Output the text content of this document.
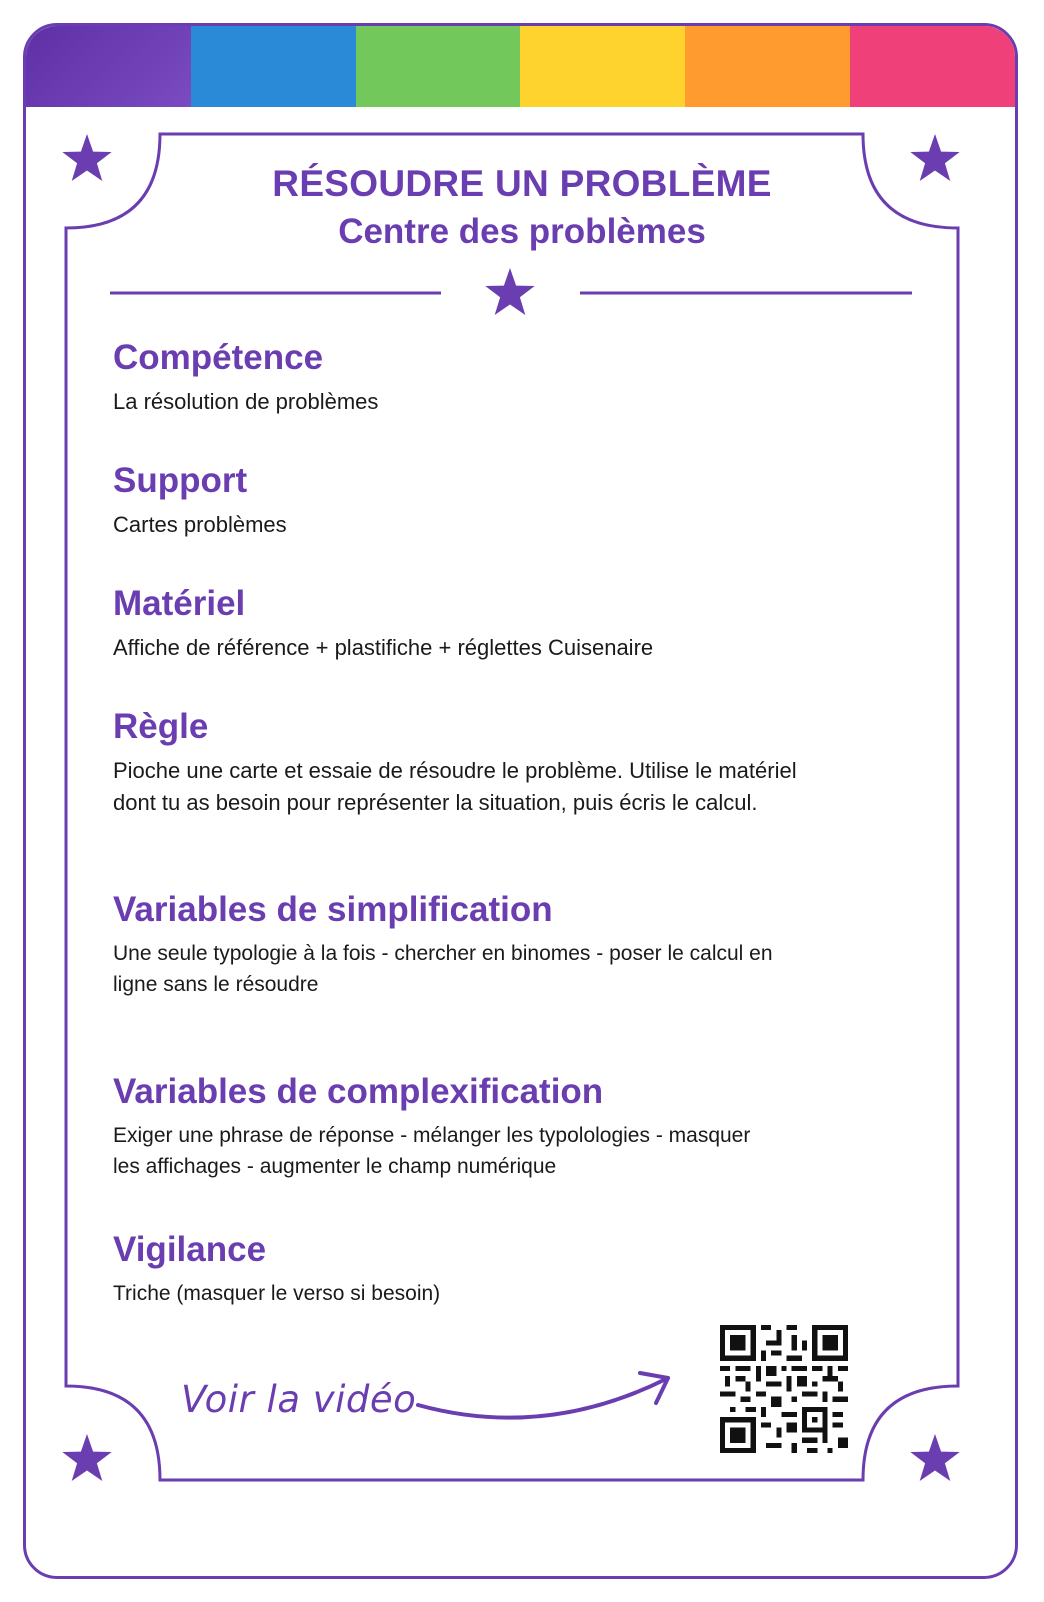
RÉSOUDRE UN PROBLÈME
Centre des problèmes
Compétence

La résolution de problèmes

Support

Cartes problèmes

Matériel

Affiche de référence + plastifiche + réglettes Cuisenaire

Règle

Pioche une carte et essaie de résoudre le problème. Utilise le matériel dont tu as besoin pour représenter la situation, puis écris le calcul.

Variables de simplification

Une seule typologie à la fois - chercher en binomes - poser le calcul en ligne sans le résoudre

Variables de complexification

Exiger une phrase de réponse - mélanger les typolologies - masquer les affichages - augmenter le champ numérique

Vigilance

Triche (masquer le verso si besoin)

Voir la vidéo
